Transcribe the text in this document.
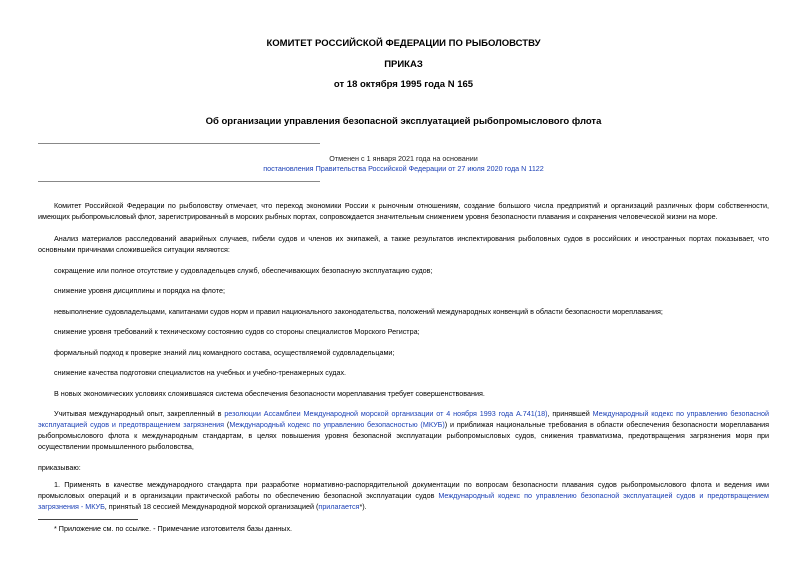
КОМИТЕТ РОССИЙСКОЙ ФЕДЕРАЦИИ ПО РЫБОЛОВСТВУ
ПРИКАЗ
от 18 октября 1995 года N 165
Об организации управления безопасной эксплуатацией рыбопромыслового флота
Отменен с 1 января 2021 года на основании
постановления Правительства Российской Федерации от 27 июля 2020 года N 1122
Комитет Российской Федерации по рыболовству отмечает, что переход экономики России к рыночным отношениям, создание большого числа предприятий и организаций различных форм собственности, имеющих рыбопромысловый флот, зарегистрированный в морских рыбных портах, сопровождается значительным снижением уровня безопасности плавания и сохранения человеческой жизни на море.
Анализ материалов расследований аварийных случаев, гибели судов и членов их экипажей, а также результатов инспектирования рыболовных судов в российских и иностранных портах показывает, что основными причинами сложившейся ситуации являются:
сокращение или полное отсутствие у судовладельцев служб, обеспечивающих безопасную эксплуатацию судов;
снижение уровня дисциплины и порядка на флоте;
невыполнение судовладельцами, капитанами судов норм и правил национального законодательства, положений международных конвенций в области безопасности мореплавания;
снижение уровня требований к техническому состоянию судов со стороны специалистов Морского Регистра;
формальный подход к проверке знаний лиц командного состава, осуществляемой судовладельцами;
снижение качества подготовки специалистов на учебных и учебно-тренажерных судах.
В новых экономических условиях сложившаяся система обеспечения безопасности мореплавания требует совершенствования.
Учитывая международный опыт, закрепленный в резолюции Ассамблеи Международной морской организации от 4 ноября 1993 года А.741(18), принявшей Международный кодекс по управлению безопасной эксплуатацией судов и предотвращением загрязнения (Международный кодекс по управлению безопасностью (МКУБ)) и приближая национальные требования в области обеспечения безопасности мореплавания рыбопромыслового флота к международным стандартам, в целях повышения уровня безопасной эксплуатации рыбопромысловых судов, снижения травматизма, предотвращения загрязнения моря при осуществлении промышленного рыболовства,
приказываю:
1. Применять в качестве международного стандарта при разработке нормативно-распорядительной документации по вопросам безопасности плавания судов рыбопромыслового флота и ведения ими промысловых операций и в организации практической работы по обеспечению безопасной эксплуатации судов Международный кодекс по управлению безопасной эксплуатацией судов и предотвращением загрязнения - МКУБ, принятый 18 сессией Международной морской организацией (прилагается*).
* Приложение см. по ссылке. - Примечание изготовителя базы данных.
